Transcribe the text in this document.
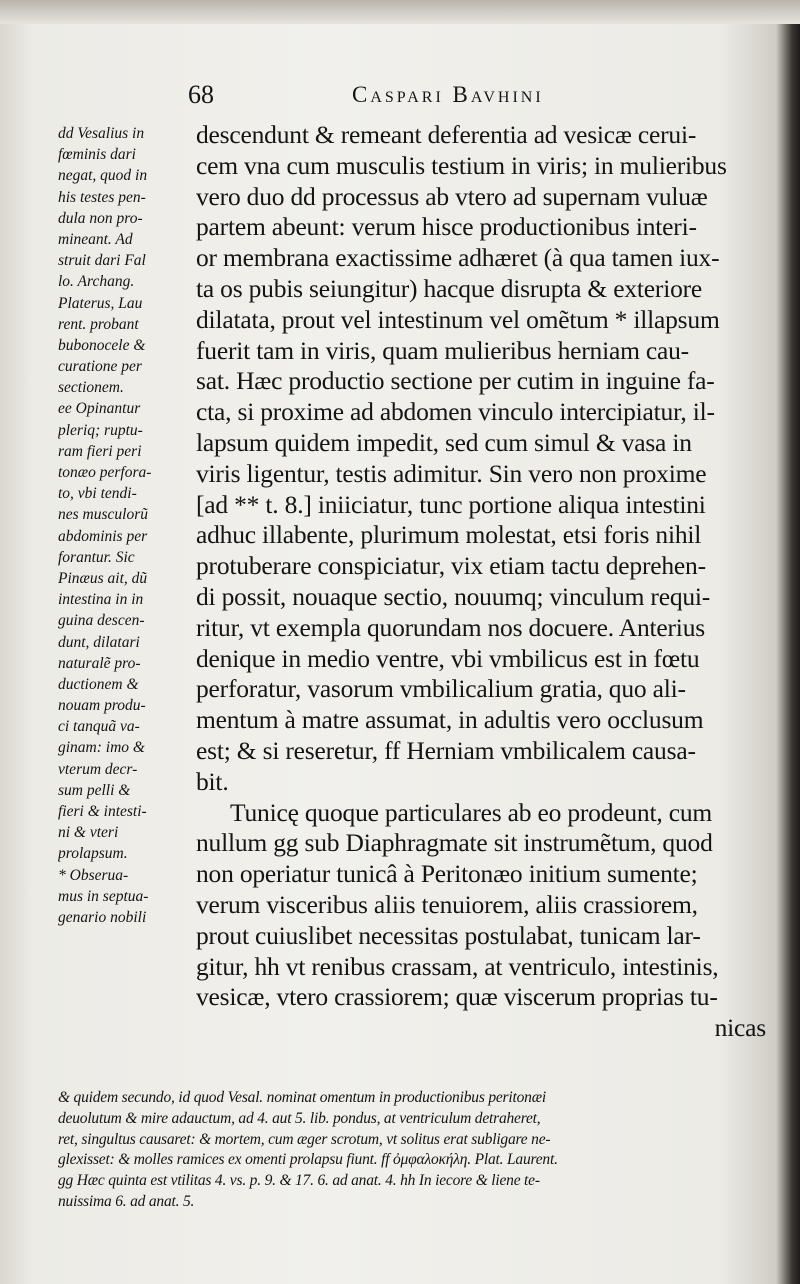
68	Caspari Bavhini
dd Vesalius in
fœminis dari
negat, quod in
his testes pen-
dula non pro-
mineant. Ad
struit dari Fal
lo. Archang.
Platerus, Lau
rent. probant
bubonocele &
curatione per
sectionem.
ee Opinantur
pleriq; ruptu-
ram fieri peri
tonæo perfora-
to, vbi tendi-
nes musculorũ
abdominis per
forantur. Sic
Pinæus ait, dũ
intestina in in
guina descen-
dunt, dilatari
naturalẽ pro-
ductionem &
nouam produ-
ci tanquã va-
ginam: imo &
vterum decr-
sum pelli &
fieri & intesti-
ni & vteri
prolapsum.
* Obserua-
mus in septua-
genario nobili
descendunt & remeant deferentia ad vesicæ cerui-
cem vna cum musculis testium in viris; in mulieribus
vero duo dd processus ab vtero ad supernam vuluæ
partem abeunt: verum hisce productionibus interi-
or membrana exactissime adhæret (à qua tamen iux-
ta os pubis seiungitur) hacque disrupta & exteriore
dilatata, prout vel intestinum vel omẽtum * illapsum
fuerit tam in viris, quam mulieribus herniam cau-
sat. Hæc productio sectione per cutim in inguine fa-
cta, si proxime ad abdomen vinculo intercipiatur, il-
lapsum quidem impedit, sed cum simul & vasa in
viris ligentur, testis adimitur. Sin vero non proxime
[ad ** t. 8.] iniiciatur, tunc portione aliqua intestini
adhuc illabente, plurimum molestat, etsi foris nihil
protuberare conspiciatur, vix etiam tactu deprehen-
di possit, nouaque sectio, nouumq; vinculum requi-
ritur, vt exempla quorundam nos docuere. Anterius
denique in medio ventre, vbi vmbilicus est in fœtu
perforatur, vasorum vmbilicalium gratia, quo ali-
mentum à matre assumat, in adultis vero occlusum
est; & si reseretur, ff Herniam vmbilicalem causa-
bit.
Tunicę quoque particulares ab eo prodeunt, cum
nullum gg sub Diaphragmate sit instrumẽtum, quod
non operiatur tunicâ à Peritonæo initium sumente;
verum visceribus aliis tenuiorem, aliis crassiorem,
prout cuiuslibet necessitas postulabat, tunicam lar-
gitur, hh vt renibus crassam, at ventriculo, intestinis,
vesicæ, vtero crassiorem; quæ viscerum proprias tu-
nicas
& quidem secundo, id quod Vesal. nominat omentum in productionibus peritonæi
deuolutum & mire adauctum, ad 4. aut 5. lib. pondus, at ventriculum detraheret,
ret, singultus causaret: & mortem, cum æger scrotum, vt solitus erat subligare ne-
glexisset: & molles ramices ex omenti prolapsu fiunt. ff ὀμφαλοκήλη. Plat. Laurent.
gg Hæc quinta est vtilitas 4. vs. p. 9. & 17. 6. ad anat. 4. hh In iecore & liene te-
nuissima 6. ad anat. 5.
